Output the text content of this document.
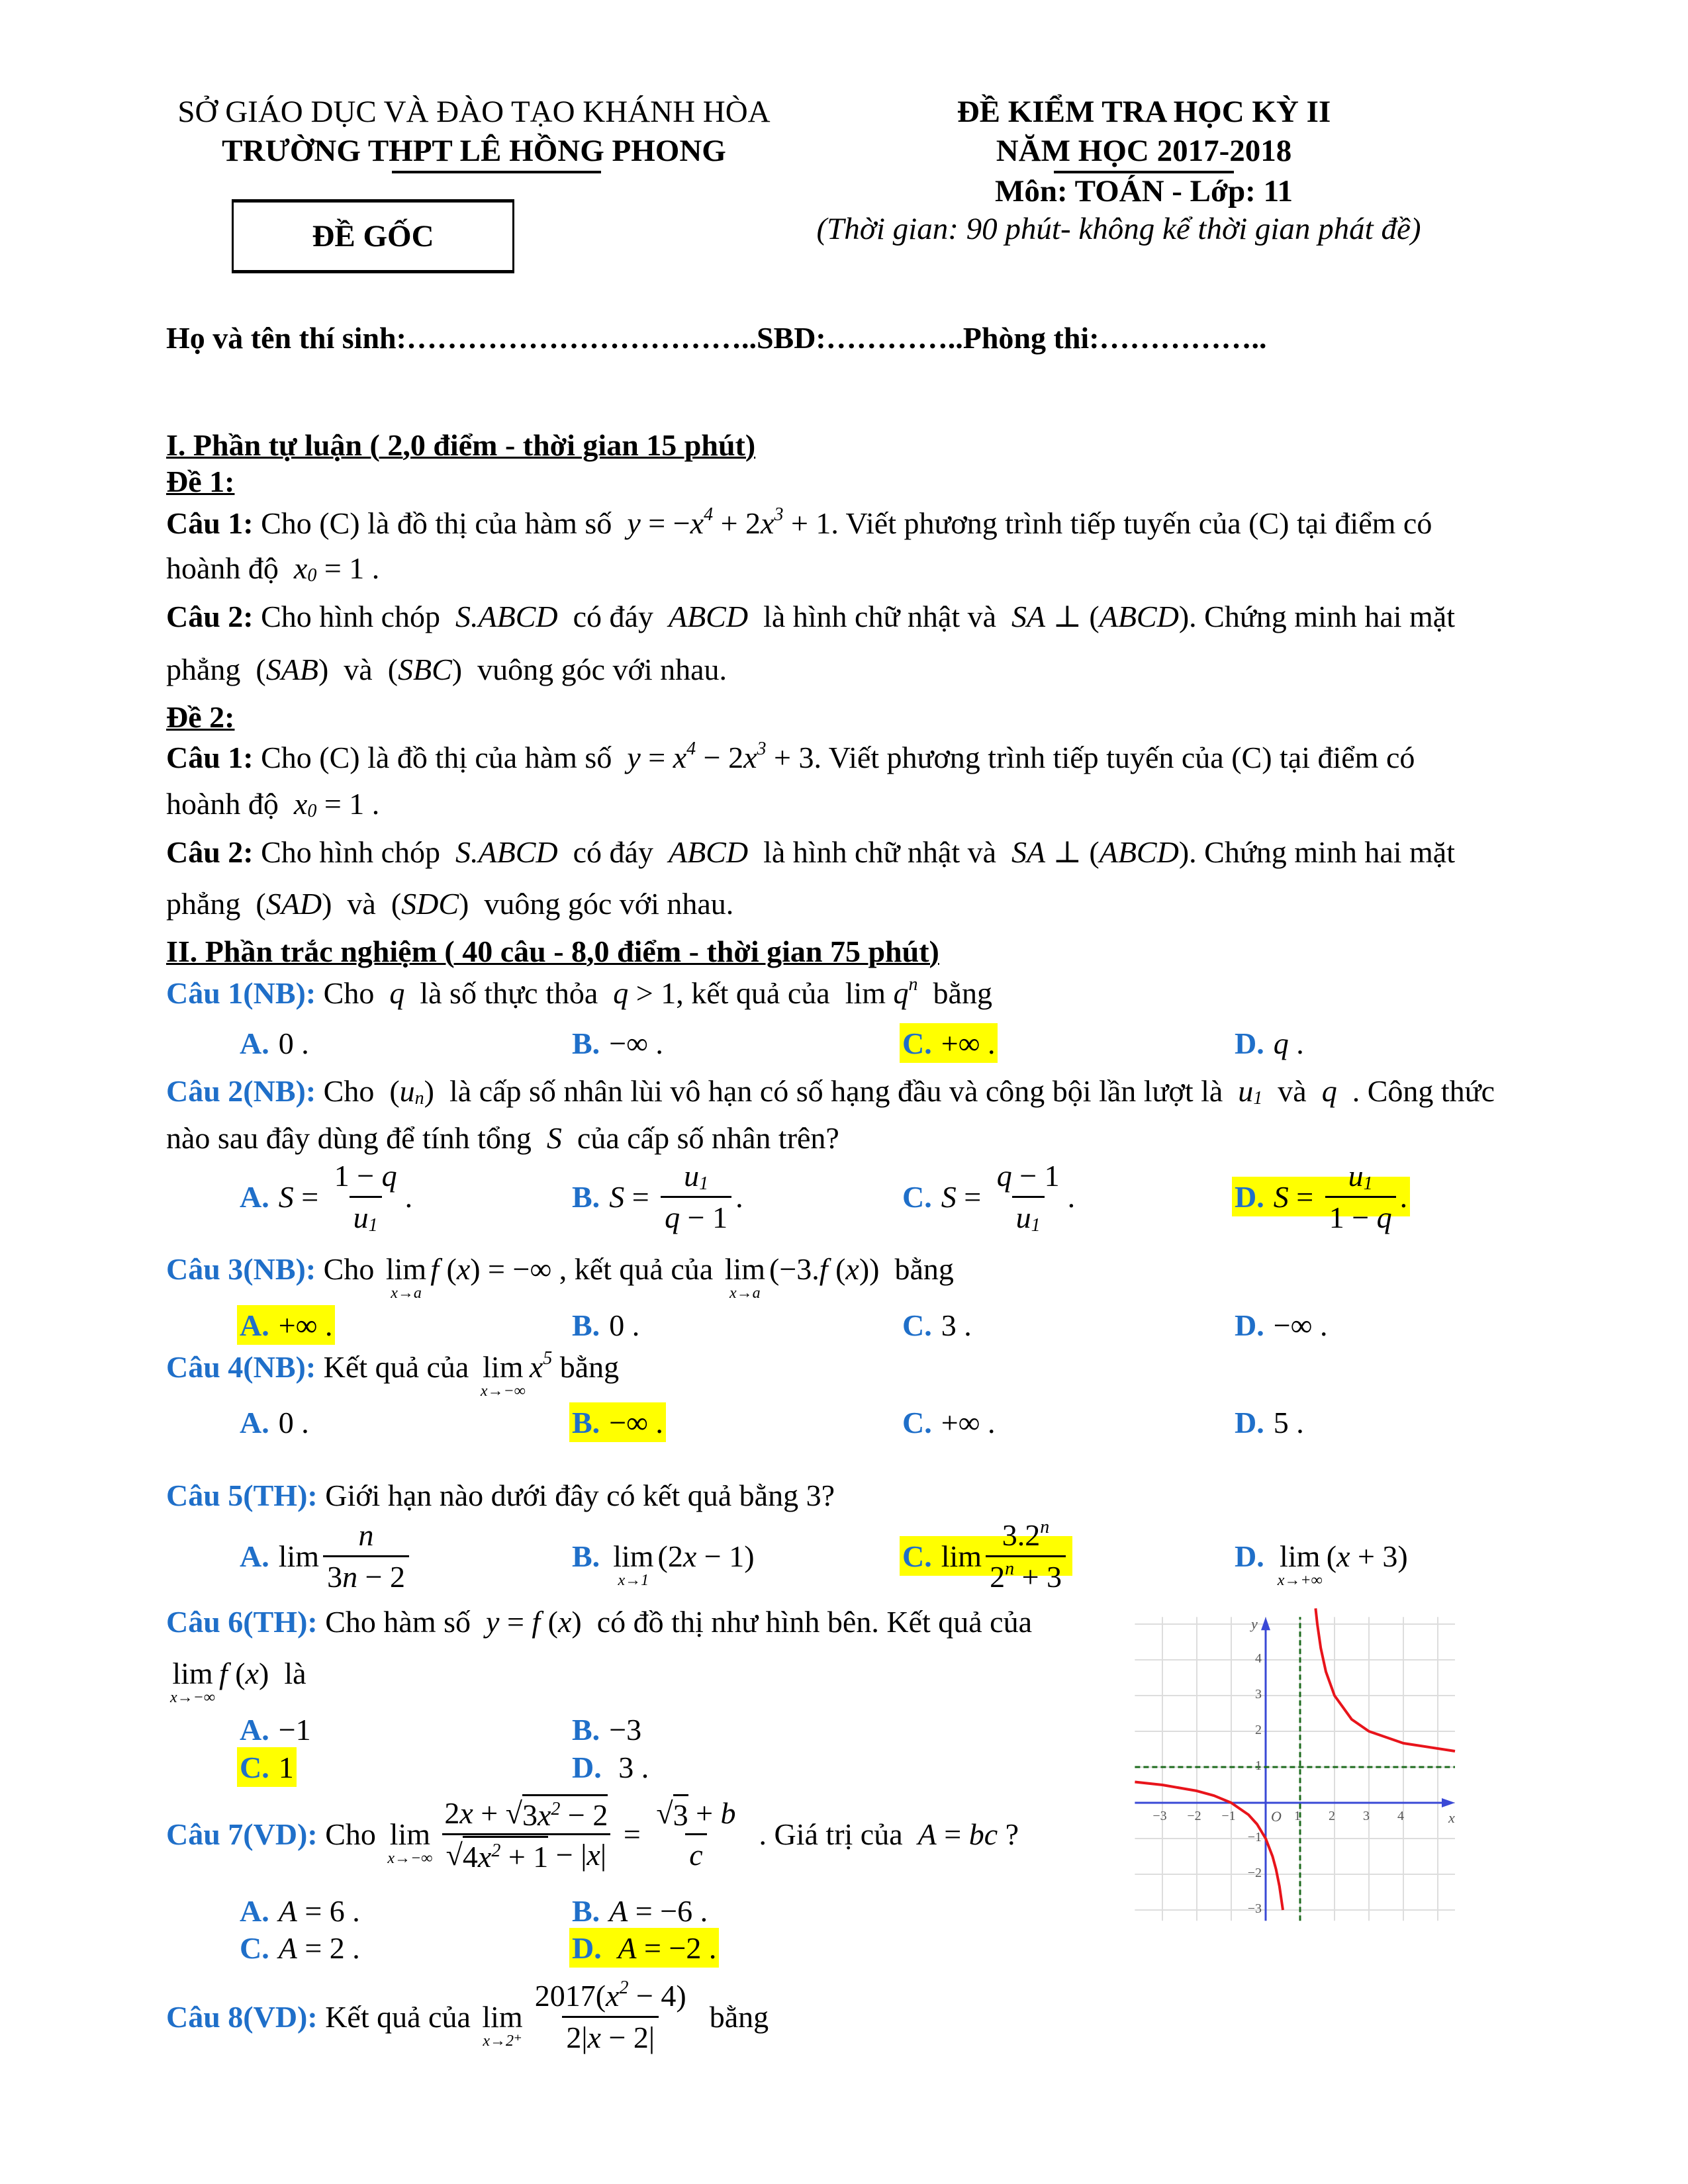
SỞ GIÁO DỤC VÀ ĐÀO TẠO KHÁNH HÒA
TRƯỜNG THPT LÊ HỒNG PHONG
ĐỀ GỐC
ĐỀ KIỂM TRA HỌC KỲ II
NĂM HỌC 2017-2018
Môn: TOÁN - Lớp: 11
(Thời gian: 90 phút- không kể thời gian phát đề)
Họ và tên thí sinh:……………………………..SBD:…………..Phòng thi:……………..
I. Phần tự luận ( 2,0 điểm - thời gian 15 phút)
Đề 1:
Câu 1: Cho (C) là đồ thị của hàm số y = − x 4 + 2 x 3 + 1. Viết phương trình tiếp tuyến của (C) tại điểm có
hoành độ x 0 = 1 .
Câu 2: Cho hình chóp S.ABCD có đáy ABCD là hình chữ nhật và SA ⊥ ( ABCD ). Chứng minh hai mặt
phẳng  ( SAB )  và  ( SBC )  vuông góc với nhau.
Đề 2:
Câu 1: Cho (C) là đồ thị của hàm số y = x 4 − 2 x 3 + 3. Viết phương trình tiếp tuyến của (C) tại điểm có
hoành độ x 0 = 1 .
Câu 2: Cho hình chóp S.ABCD có đáy ABCD là hình chữ nhật và SA ⊥ ( ABCD ). Chứng minh hai mặt
phẳng  ( SAD )  và  ( SDC )  vuông góc với nhau.
II. Phần trắc nghiệm ( 40 câu - 8,0 điểm - thời gian 75 phút)
Câu 1(NB): Cho q là số thực thỏa q > 1, kết quả của  lim q n bằng
A. 0 .	B. −∞ .	C. +∞ .	D. q .
Câu 2(NB): Cho  ( u n )  là cấp số nhân lùi vô hạn có số hạng đầu và công bội lần lượt là u 1 và q . Công thức
nào sau đây dùng để tính tổng S của cấp số nhân trên?
A. $S = \frac{1 - q}{u 1}$ .	B. $S = \frac{u 1}{q - 1}$ .	C. $S = \frac{q - 1}{u 1}$ .	D. $S = \frac{u 1}{1 - q}$ .
Câu 3(NB): Cho lim
x→a
f ( x ) = −∞ , kết quả của lim
x→a
(−3. f ( x ))  bằng
A. +∞ .	B. 0 .	C. 3 .	D. −∞ .
Câu 4(NB): Kết quả của lim
x→−∞
x 5 bằng
A. 0 .	B. −∞ .	C. +∞ .	D. 5 .
Câu 5(TH): Giới hạn nào dưới đây có kết quả bằng 3?
A. $\lim \frac{n}{3 n - 2}$	B. lim
x→1
(2 x − 1)	C. $\lim \frac{3.2 n}{2 n + 3}$	D. lim
x→+∞
( x + 3)
Câu 6(TH): Cho hàm số y = f ( x )  có đồ thị như hình bên. Kết quả của
lim
x→−∞
f ( x )  là
A. −1	B. −3
C. 1	D. 3 .
Câu 7(VD): Cho lim
$x\to-\infty \frac{2 x + √ 3 x 2 - 2}{√ 4 x 2 + 1 - | x |} = \frac{√ 3 + b}{c}$ . Giá trị của A = bc ?
A. A = 6 .	B. A = −6 .
C. A = 2 .	D. A = −2 .
Câu 8(VD): Kết quả của lim
$x\to 2^+ \frac{2017( x 2 - 4)}{2| x - 2|}$ bằng
−3 −2 −1	1 2 3 4
4
3
2
1
−1
−2
−3
O	x
y
